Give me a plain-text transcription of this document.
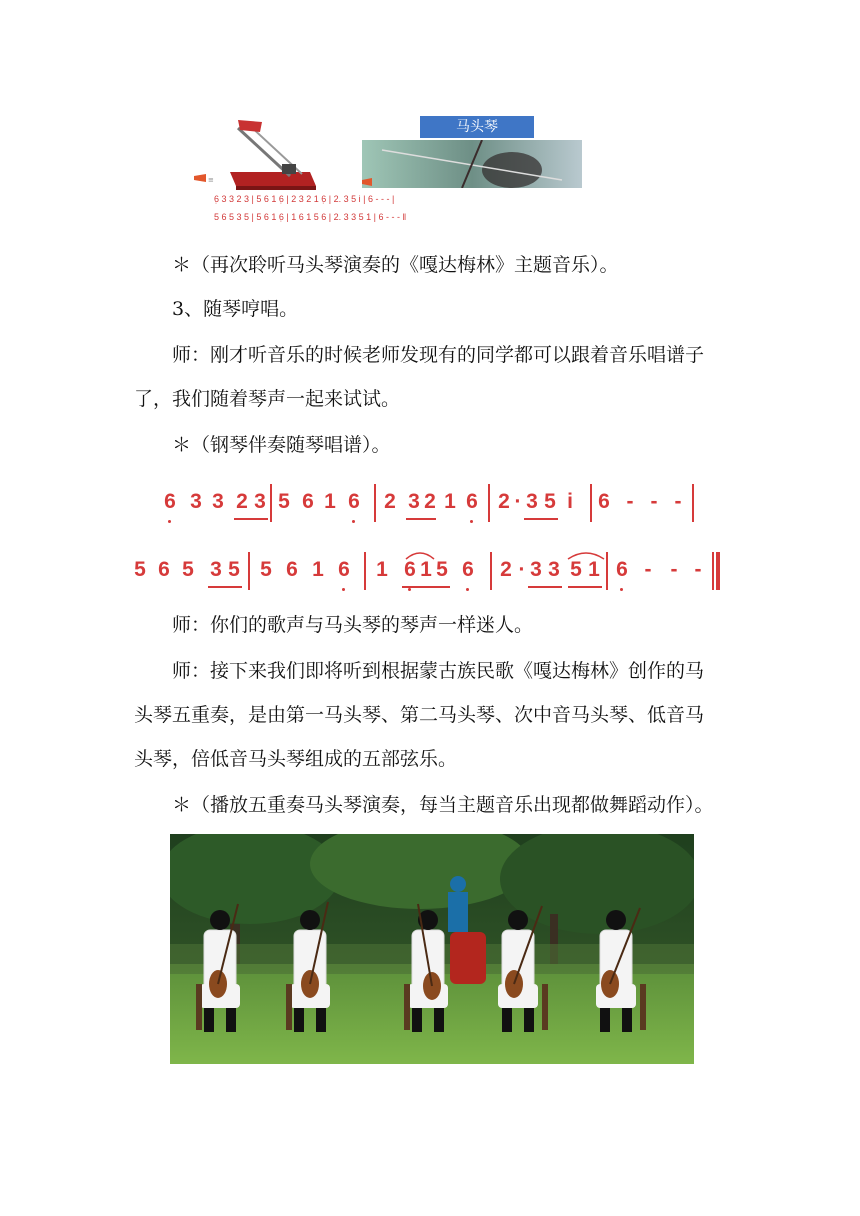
≡
马头琴
6̣ 3 3 2 3 | 5 6 1 6̣ | 2 3 2 1 6̣ | 2. 3 5 i | 6 - - - |
5 6 5 3 5 | 5 6 1 6̣ | 1 6 1 5 6 | 2. 3 3 5 1 | 6 - - - ‖
＊（再次聆听马头琴演奏的《嘎达梅林》主题音乐）。
3、随琴哼唱。
师：刚才听音乐的时候老师发现有的同学都可以跟着音乐唱谱子
了，我们随着琴声一起来试试。
＊（钢琴伴奏随琴唱谱）。
6 3 3 2 3 5 6 1 6 2 3 2 1 6 2 · 3 5 i	6 - - -
5 6 5 3 5 5 6 1 6 1 6 1 5 6 2 · 3 3 5 1 6 - - -
师：你们的歌声与马头琴的琴声一样迷人。
师：接下来我们即将听到根据蒙古族民歌《嘎达梅林》创作的马
头琴五重奏，是由第一马头琴、第二马头琴、次中音马头琴、低音马
头琴，倍低音马头琴组成的五部弦乐。
＊（播放五重奏马头琴演奏，每当主题音乐出现都做舞蹈动作）。
